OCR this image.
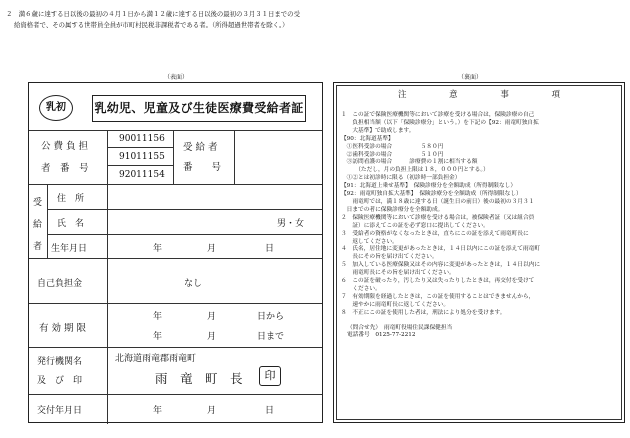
２　満６歳に達する日以後の最初の４月１日から満１２歳に達する日以後の最初の３月３１日までの受
給資格者で、その属する世帯員全員が市町村民税非課税者である者。（所得超過世帯者を除く。）
（表面）	（裏面）
乳初	乳幼児、児童及び生徒医療費受給者証
公 費 負 担
者　番　号
90011156
91011155
92011154
受 給 者
番　　号
受
給
者
住　所
氏　名	男・女
生年月日	年	月	日
自己負担金	なし
有 効 期 限
年	月	日から
年	月	日まで
発行機関名
及　び　印
北海道雨竜郡雨竜町
雨　竜　町　長	印
交付年月日	年	月	日
注 意 事 項

１　この証で保険医療機関等において診療を受ける場合は，保険診療の自己

　　負担相当額（以下「保険診療分」という。）を下記の【92：雨竜町独自拡

　　大基準】で助成します。

【90：北海道基準】

　①医科受診の場合　　　　　５８０円

　②歯科受診の場合　　　　　５１０円

　③訪問看護の場合　　　診療費の１割に相当する額

　　　（ただし，月の負担上限は１８，０００円とする。）

　①②とは初診時に限る（初診時一部負担金）

【91：北海道上乗せ基準】　保険診療分を全額助成（所得制限なし）

【92：雨竜町独自拡大基準】　保険診療分を全額助成（所得制限なし）

　　雨竜町では，満１８歳に達する日（誕生日の前日）後の最初の３月３１

　日までの者に保険診療分を全額助成。

２　保険医療機関等において診療を受ける場合は，被保険者証（又は組合員

　　証）に添えてこの証を必ず窓口に提出してください。

３　受給者の資格がなくなったときは，直ちにこの証を添えて雨竜町長に

　　返してください。

４　氏名，居住地に変更があったときは，１４日以内にこの証を添えて雨竜町

　　長にその旨を届け出てください。

５　加入している医療保険又はその内容に変更があったときは，１４日以内に

　　雨竜町長にその旨を届け出てください。

６　この証を破ったり，汚したり又は失ったりしたときは，再交付を受けて

　　ください。

７　有効期限を経過したときは，この証を使用することはできませんから，

　　速やかに雨竜町長に返してください。

８　不正にこの証を使用した者は，刑法により処分を受けます。

（問合せ先）　雨竜町役場住民課保健担当

電話番号　0125-77-2212
